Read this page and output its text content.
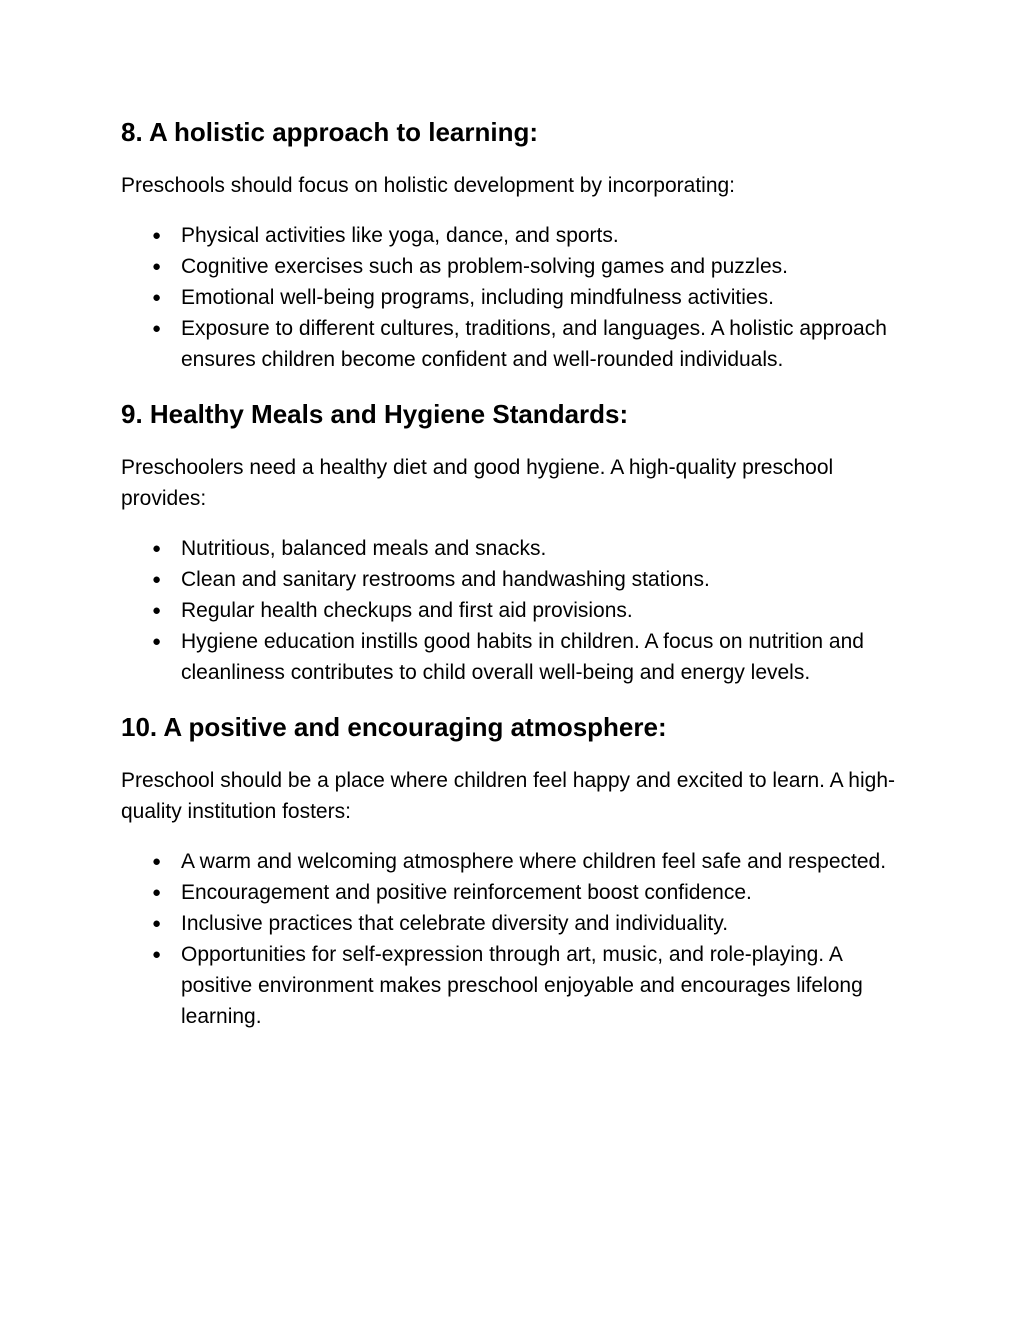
8. A holistic approach to learning:

Preschools should focus on holistic development by incorporating:

● Physical activities like yoga, dance, and sports.
● Cognitive exercises such as problem-solving games and puzzles.
● Emotional well-being programs, including mindfulness activities.
● Exposure to different cultures, traditions, and languages. A holistic approach ensures children become confident and well-rounded individuals.
9. Healthy Meals and Hygiene Standards:

Preschoolers need a healthy diet and good hygiene. A high-quality preschool provides:

● Nutritious, balanced meals and snacks.
● Clean and sanitary restrooms and handwashing stations.
● Regular health checkups and first aid provisions.
● Hygiene education instills good habits in children. A focus on nutrition and cleanliness contributes to child overall well-being and energy levels.
10. A positive and encouraging atmosphere:

Preschool should be a place where children feel happy and excited to learn. A high-quality institution fosters:

● A warm and welcoming atmosphere where children feel safe and respected.
● Encouragement and positive reinforcement boost confidence.
● Inclusive practices that celebrate diversity and individuality.
● Opportunities for self-expression through art, music, and role-playing. A positive environment makes preschool enjoyable and encourages lifelong learning.
